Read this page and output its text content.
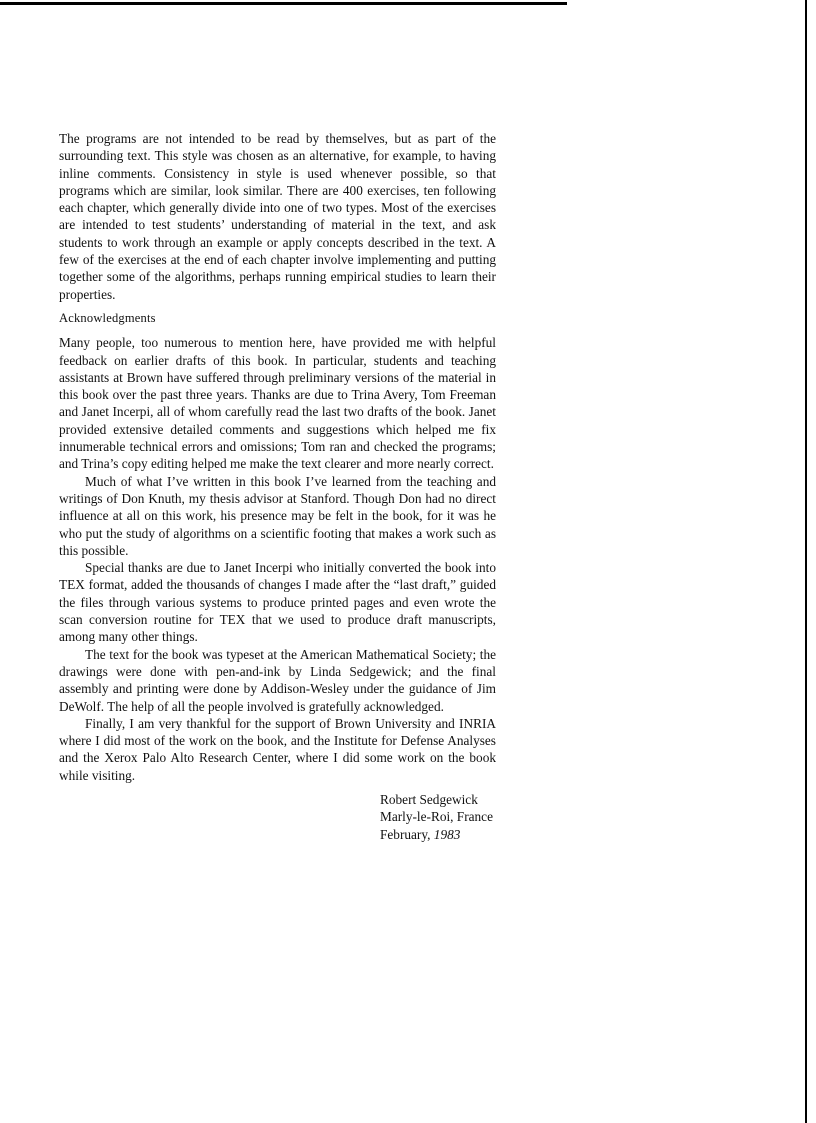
The programs are not intended to be read by themselves, but as part of the surrounding text. This style was chosen as an alternative, for example, to having inline comments. Consistency in style is used whenever possible, so that programs which are similar, look similar. There are 400 exercises, ten following each chapter, which generally divide into one of two types. Most of the exercises are intended to test students’ understanding of material in the text, and ask students to work through an example or apply concepts described in the text. A few of the exercises at the end of each chapter involve implementing and putting together some of the algorithms, perhaps running empirical studies to learn their properties.

Acknowledgments

Many people, too numerous to mention here, have provided me with helpful feedback on earlier drafts of this book. In particular, students and teaching assistants at Brown have suffered through preliminary versions of the material in this book over the past three years. Thanks are due to Trina Avery, Tom Freeman and Janet Incerpi, all of whom carefully read the last two drafts of the book. Janet provided extensive detailed comments and suggestions which helped me fix innumerable technical errors and omissions; Tom ran and checked the programs; and Trina’s copy editing helped me make the text clearer and more nearly correct.

Much of what I’ve written in this book I’ve learned from the teaching and writings of Don Knuth, my thesis advisor at Stanford. Though Don had no direct influence at all on this work, his presence may be felt in the book, for it was he who put the study of algorithms on a scientific footing that makes a work such as this possible.

Special thanks are due to Janet Incerpi who initially converted the book into TEX format, added the thousands of changes I made after the “last draft,” guided the files through various systems to produce printed pages and even wrote the scan conversion routine for TEX that we used to produce draft manuscripts, among many other things.

The text for the book was typeset at the American Mathematical Society; the drawings were done with pen-and-ink by Linda Sedgewick; and the final assembly and printing were done by Addison-Wesley under the guidance of Jim DeWolf. The help of all the people involved is gratefully acknowledged.

Finally, I am very thankful for the support of Brown University and INRIA where I did most of the work on the book, and the Institute for Defense Analyses and the Xerox Palo Alto Research Center, where I did some work on the book while visiting.

Robert Sedgewick
Marly-le-Roi, France
February, 1983
